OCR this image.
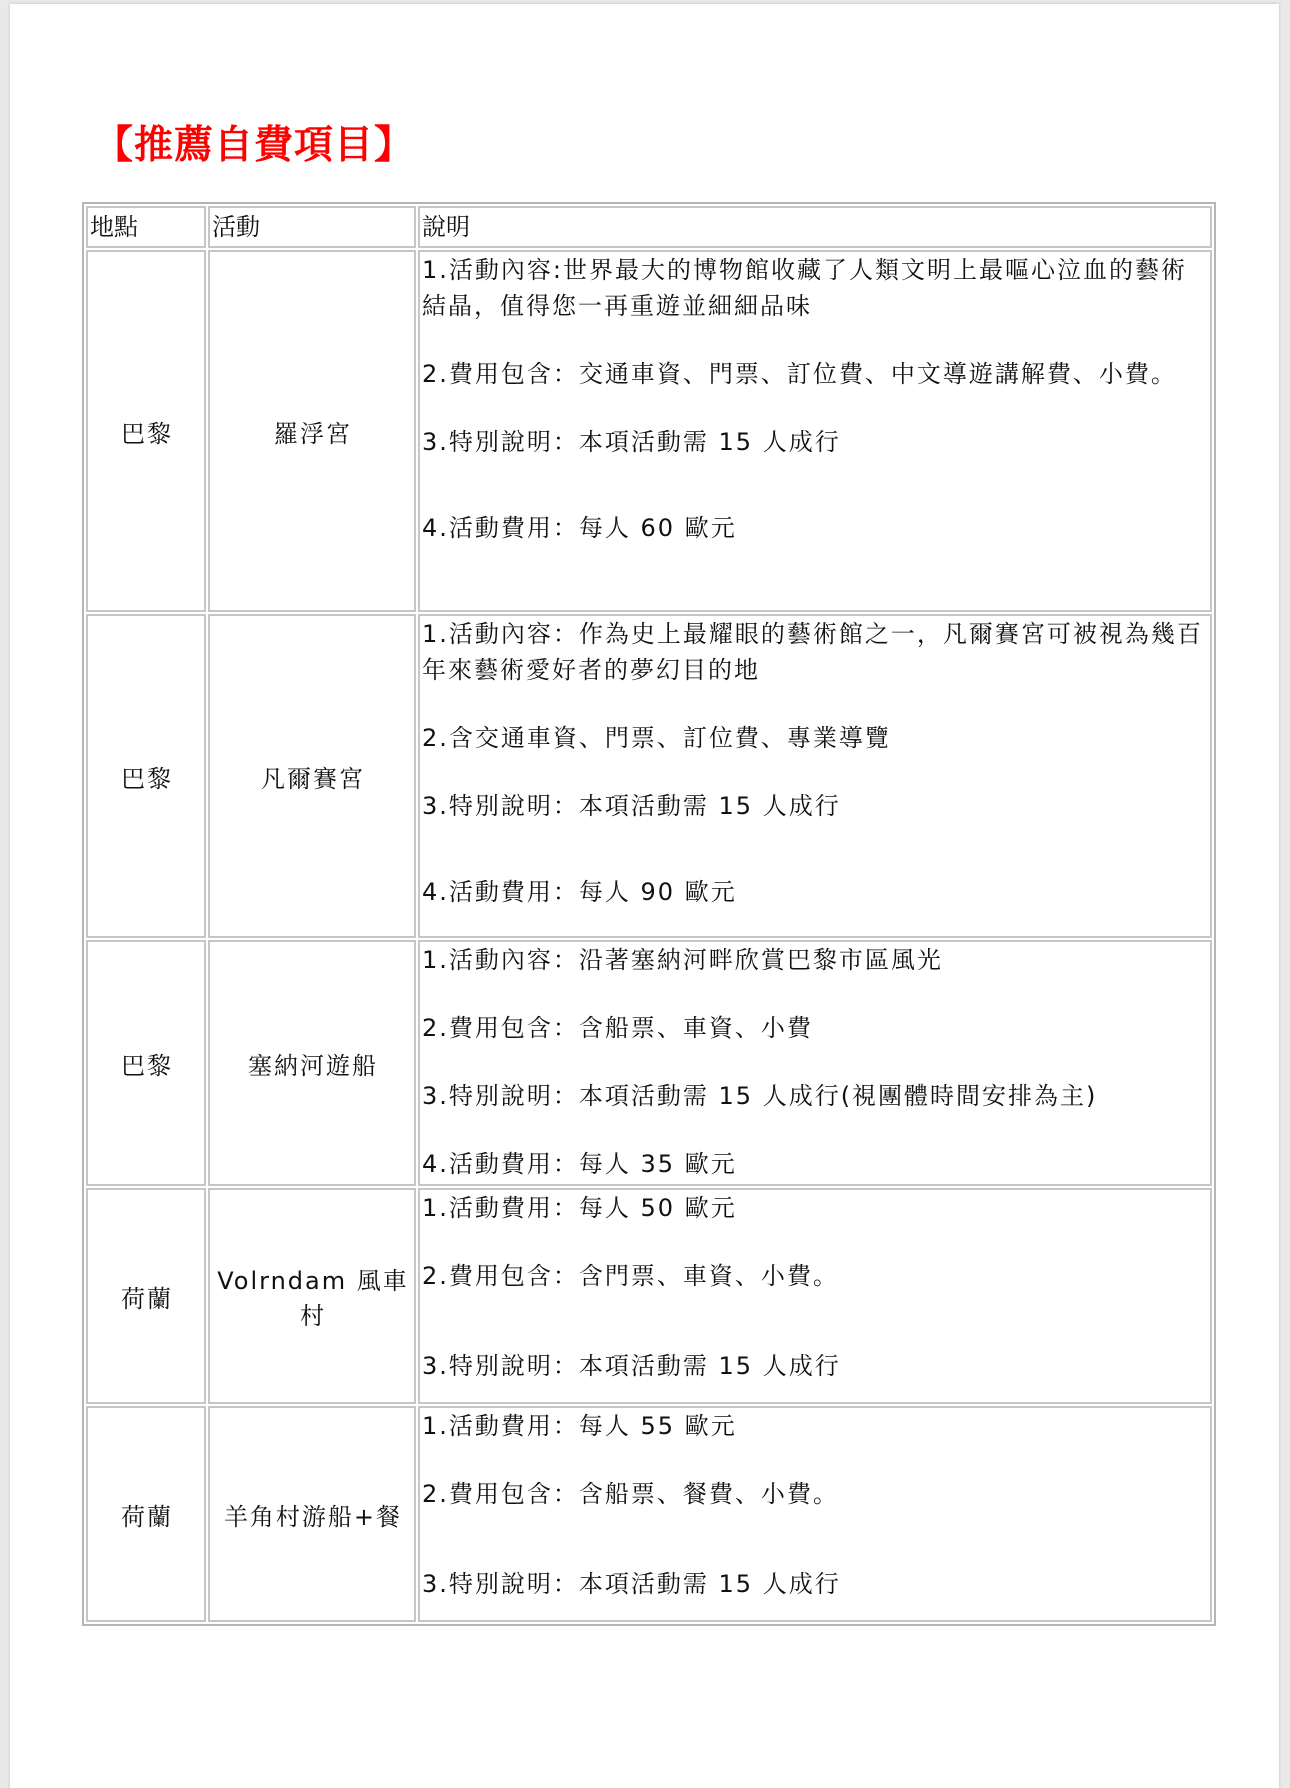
【推薦自費項目】
地點	活動	說明
巴黎	羅浮宮	1.活動內容:世界最大的博物館收藏了人類文明上最嘔心泣血的藝術結晶，值得您一再重遊並細細品味

2.費用包含：交通車資、門票、訂位費、中文導遊講解費、小費。

3.特別說明：本項活動需 15 人成行

4.活動費用：每人 60 歐元

巴黎	凡爾賽宮	1.活動內容：作為史上最耀眼的藝術館之一，凡爾賽宮可被視為幾百年來藝術愛好者的夢幻目的地

2.含交通車資、門票、訂位費、專業導覽

3.特別說明：本項活動需 15 人成行

4.活動費用：每人 90 歐元

巴黎	塞納河遊船	1.活動內容：沿著塞納河畔欣賞巴黎市區風光

2.費用包含：含船票、車資、小費

3.特別說明：本項活動需 15 人成行(視團體時間安排為主)

4.活動費用：每人 35 歐元

荷蘭	Volrndam 風車村	1.活動費用：每人 50 歐元

2.費用包含：含門票、車資、小費。

3.特別說明：本項活動需 15 人成行

荷蘭	羊角村游船+餐	1.活動費用：每人 55 歐元

2.費用包含：含船票、餐費、小費。

3.特別說明：本項活動需 15 人成行
